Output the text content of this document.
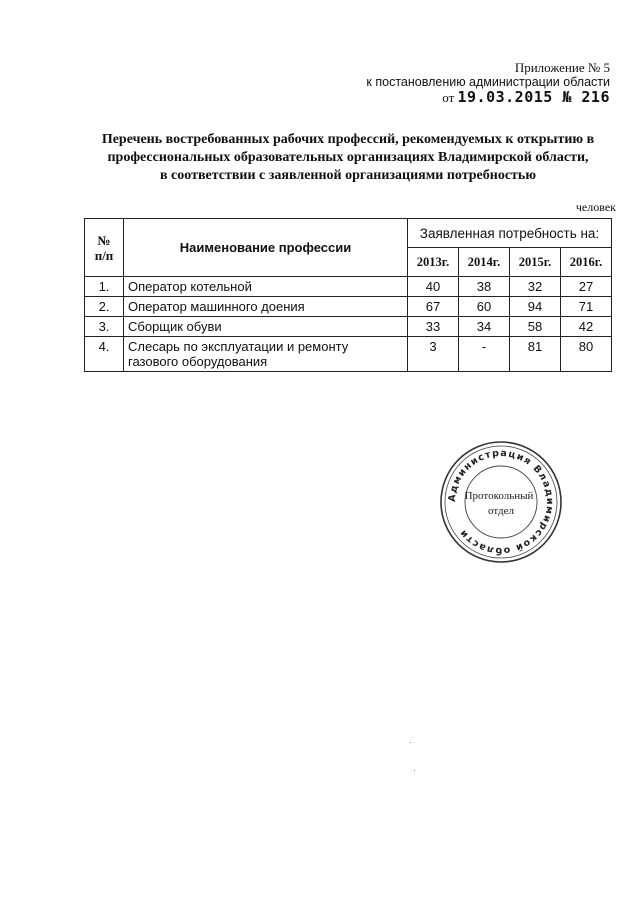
Приложение № 5
к постановлению администрации области
от 19.03.2015 № 216
Перечень востребованных рабочих профессий, рекомендуемых к открытию в
профессиональных образовательных организациях Владимирской области,
в соответствии с заявленной организациями потребностью
человек
№
п/п	Наименование профессии	Заявленная потребность на:			
		2013г.	2014г.	2015г.	2016г.
1.	Оператор котельной	40	38	32	27
2.	Оператор машинного доения	67	60	94	71
3.	Сборщик обуви	33	34	58	42
4.	Слесарь по эксплуатации и ремонту
газового оборудования	3	-	81	80
Администрация Владимирской области
Протокольный
отдел
